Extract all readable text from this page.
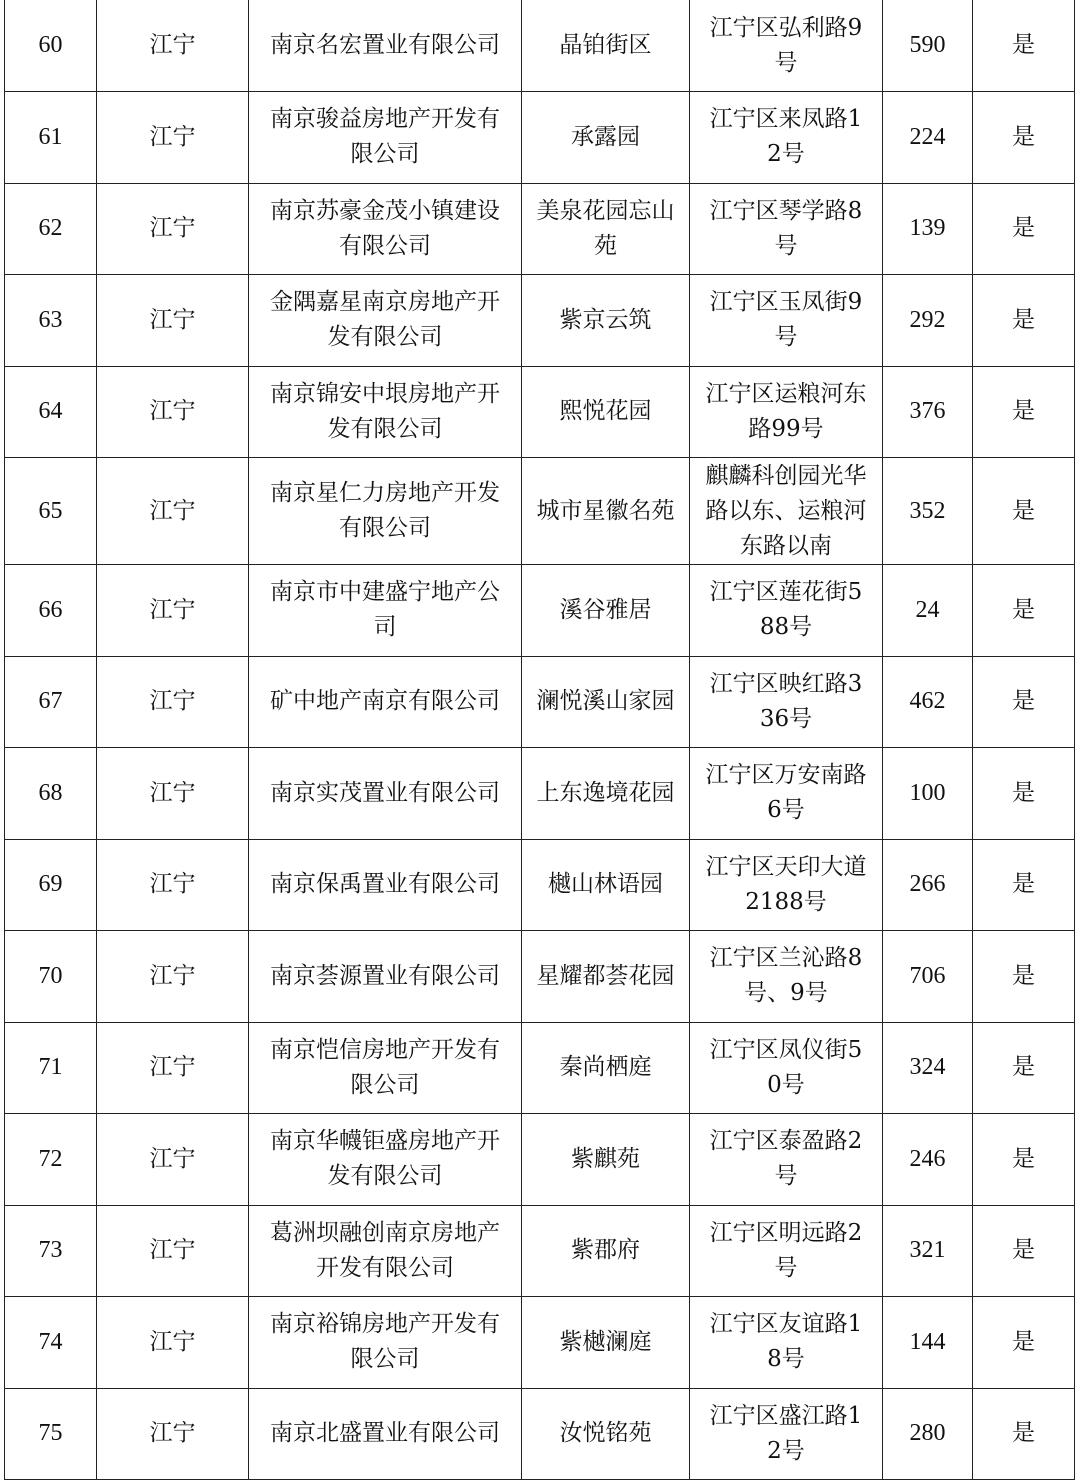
60	江宁	南京名宏置业有限公司	晶铂街区	江宁区弘利路9号	590	是
61	江宁	南京骏益房地产开发有限公司	承露园	江宁区来凤路12号	224	是
62	江宁	南京苏豪金茂小镇建设有限公司	美泉花园忘山苑	江宁区琴学路8号	139	是
63	江宁	金隅嘉星南京房地产开发有限公司	紫京云筑	江宁区玉凤街9号	292	是
64	江宁	南京锦安中垠房地产开发有限公司	熙悦花园	江宁区运粮河东路99号	376	是
65	江宁	南京星仁力房地产开发有限公司	城市星徽名苑	麒麟科创园光华路以东、运粮河东路以南	352	是
66	江宁	南京市中建盛宁地产公司	溪谷雅居	江宁区莲花街588号	24	是
67	江宁	矿中地产南京有限公司	澜悦溪山家园	江宁区映红路336号	462	是
68	江宁	南京实茂置业有限公司	上东逸境花园	江宁区万安南路6号	100	是
69	江宁	南京保禹置业有限公司	樾山林语园	江宁区天印大道2188号	266	是
70	江宁	南京荟源置业有限公司	星耀都荟花园	江宁区兰沁路8号、9号	706	是
71	江宁	南京恺信房地产开发有限公司	秦尚栖庭	江宁区凤仪街50号	324	是
72	江宁	南京华幭钜盛房地产开发有限公司	紫麒苑	江宁区泰盈路2号	246	是
73	江宁	葛洲坝融创南京房地产开发有限公司	紫郡府	江宁区明远路2号	321	是
74	江宁	南京裕锦房地产开发有限公司	紫樾澜庭	江宁区友谊路18号	144	是
75	江宁	南京北盛置业有限公司	汝悦铭苑	江宁区盛江路12号	280	是
